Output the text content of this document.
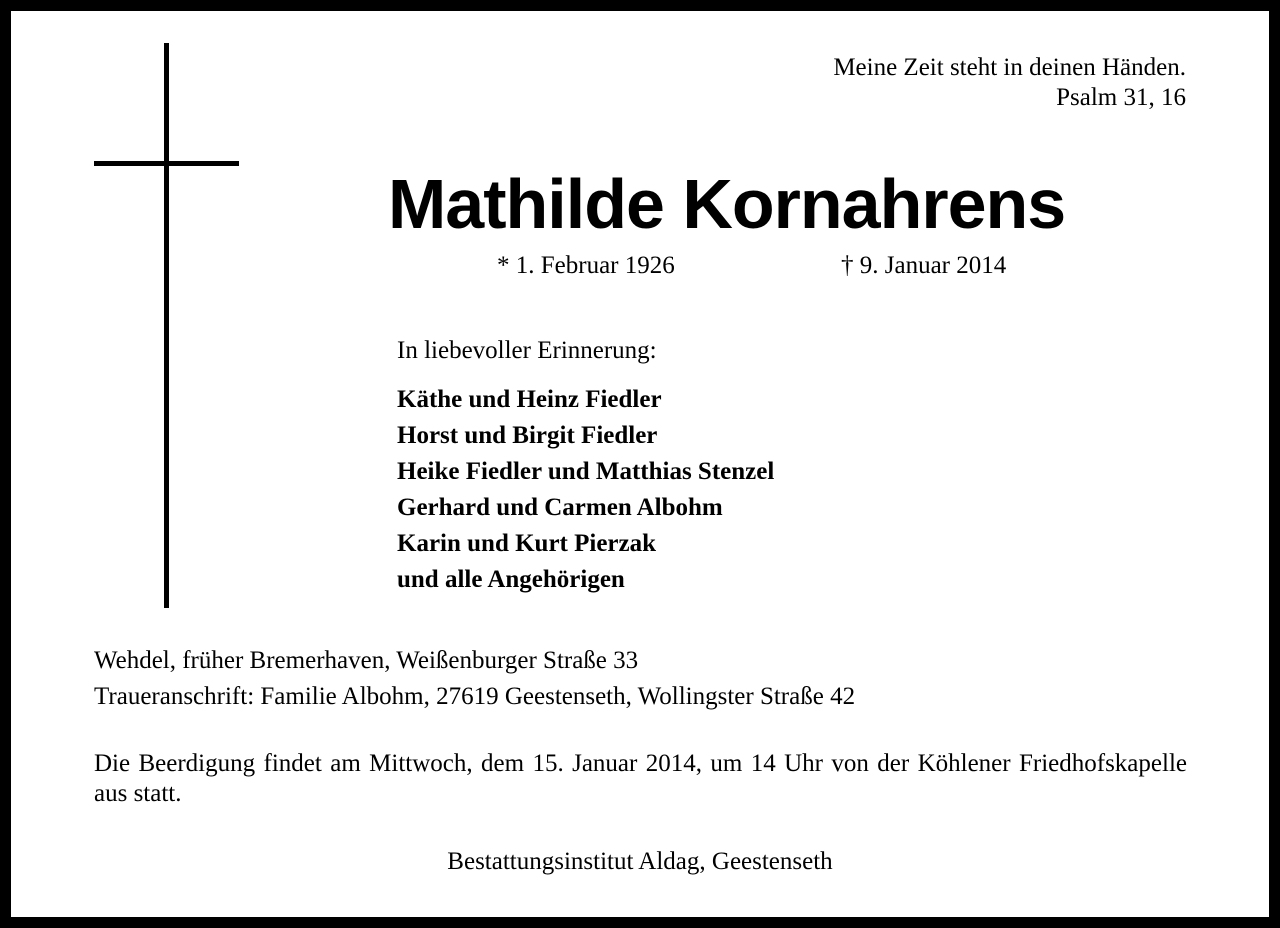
Meine Zeit steht in deinen Händen.
Psalm 31, 16
Mathilde Kornahrens
* 1. Februar 1926	† 9. Januar 2014
In liebevoller Erinnerung:
Käthe und Heinz Fiedler
Horst und Birgit Fiedler
Heike Fiedler und Matthias Stenzel
Gerhard und Carmen Albohm
Karin und Kurt Pierzak
und alle Angehörigen
Wehdel, früher Bremerhaven, Weißenburger Straße 33
Traueranschrift: Familie Albohm, 27619 Geestenseth, Wollingster Straße 42
Die Beerdigung findet am Mittwoch, dem 15. Januar 2014, um 14 Uhr von der Köhlener Friedhofskapelle aus statt.
Bestattungsinstitut Aldag, Geestenseth
